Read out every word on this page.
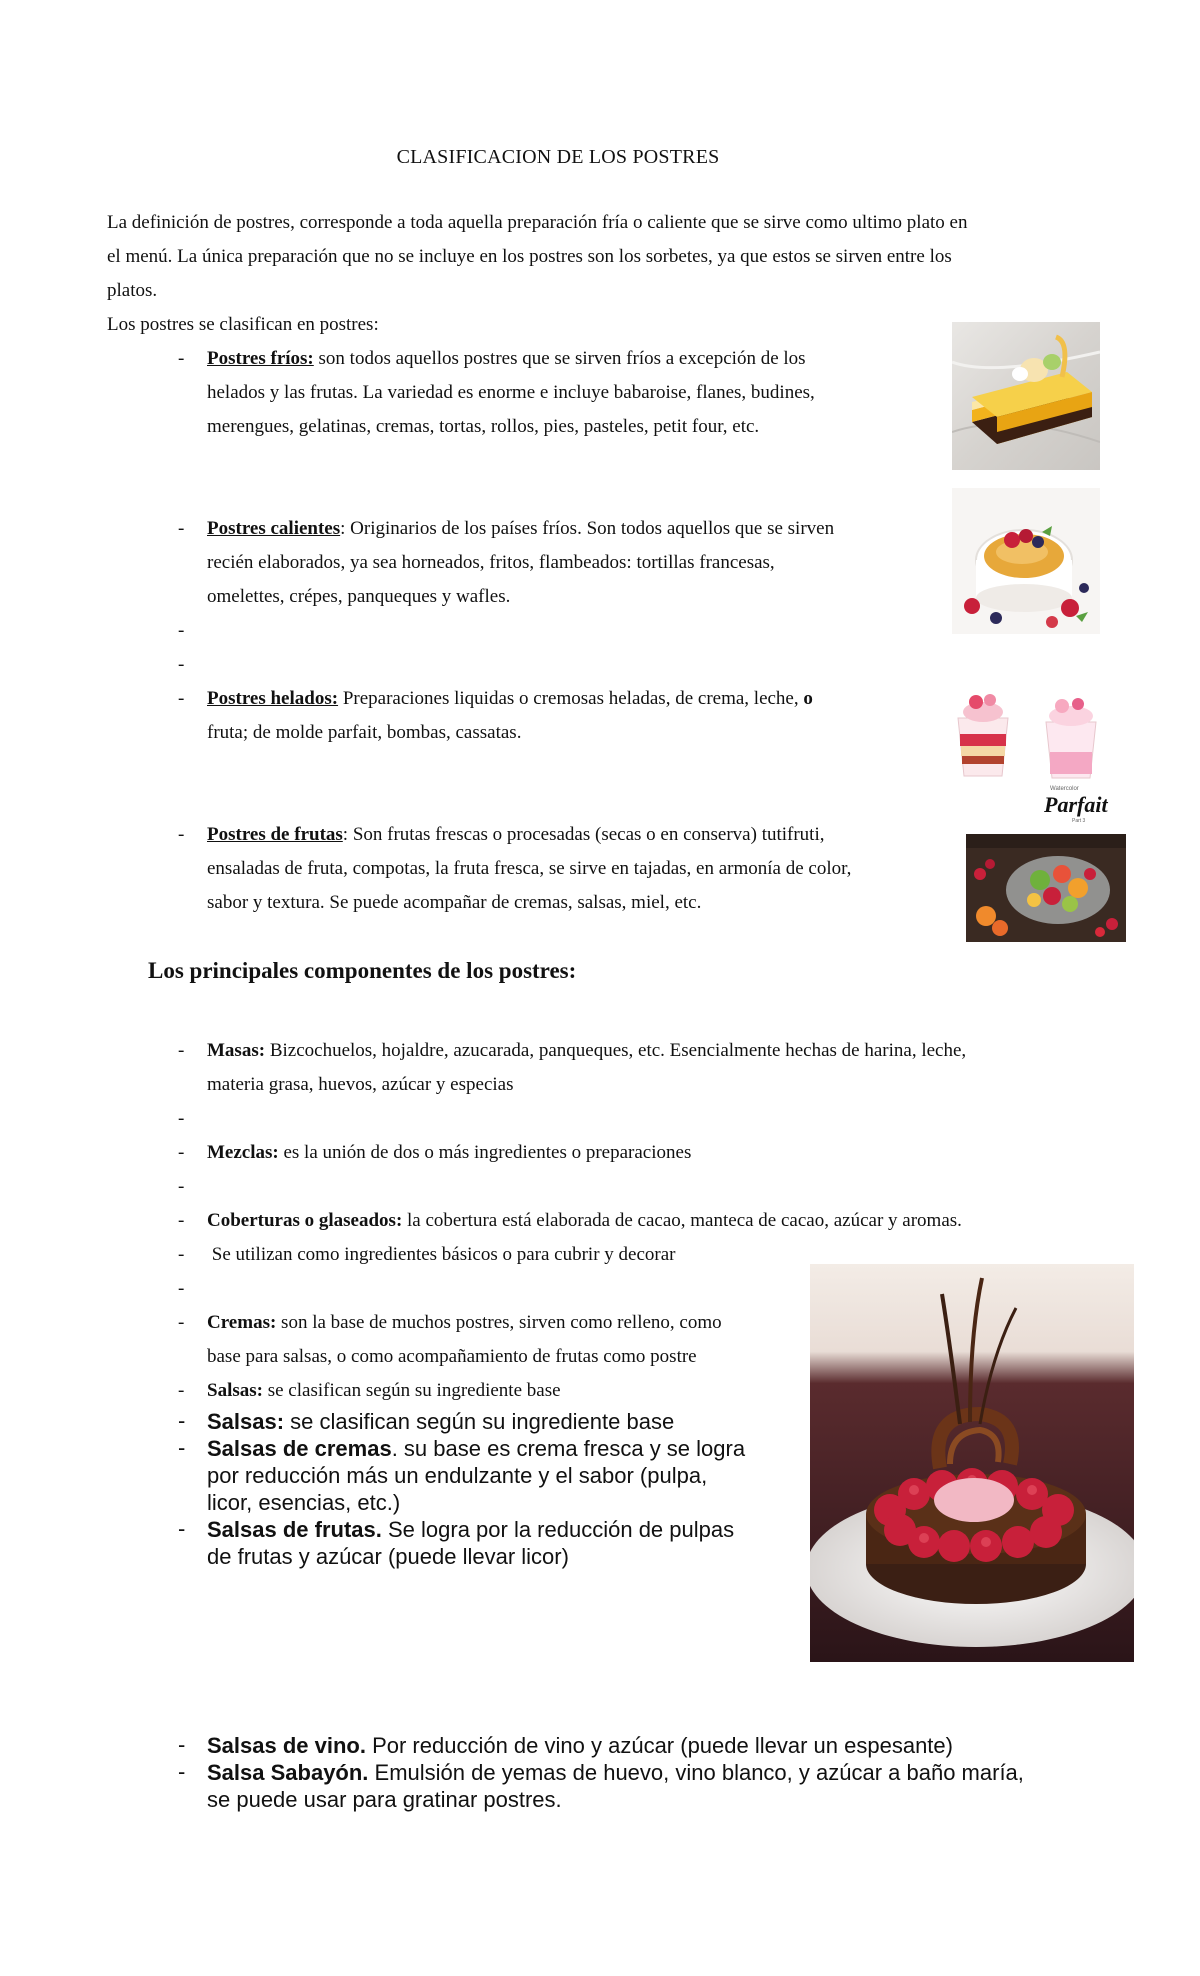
CLASIFICACION DE LOS POSTRES
La definición de postres, corresponde a toda aquella preparación fría o caliente que se sirve como ultimo plato en
el menú. La única preparación que no se incluye en los postres son los sorbetes, ya que estos se sirven entre los
platos.
Los postres se clasifican en postres:
- Postres fríos: son todos aquellos postres que se sirven fríos a excepción de los
helados y las frutas. La variedad es enorme e incluye babaroise, flanes, budines,
merengues, gelatinas, cremas, tortas, rollos, pies, pasteles, petit four, etc.
- Postres calientes: Originarios de los países fríos. Son todos aquellos que se sirven
recién elaborados, ya sea horneados, fritos, flambeados: tortillas francesas,
omelettes, crépes, panqueques y wafles.
-
-
- Postres helados: Preparaciones liquidas o cremosas heladas, de crema, leche, o
fruta; de molde parfait, bombas, cassatas.
- Postres de frutas: Son frutas frescas o procesadas (secas o en conserva) tutifruti,
ensaladas de fruta, compotas, la fruta fresca, se sirve en tajadas, en armonía de color,
sabor y textura. Se puede acompañar de cremas, salsas, miel, etc.
Los principales componentes de los postres:
- Masas: Bizcochuelos, hojaldre, azucarada, panqueques, etc. Esencialmente hechas de harina, leche,
materia grasa, huevos, azúcar y especias
-
- Mezclas: es la unión de dos o más ingredientes o preparaciones
-
- Coberturas o glaseados: la cobertura está elaborada de cacao, manteca de cacao, azúcar y aromas.
- Se utilizan como ingredientes básicos o para cubrir y decorar
-
- Cremas: son la base de muchos postres, sirven como relleno, como
base para salsas, o como acompañamiento de frutas como postre
- Salsas: se clasifican según su ingrediente base
- Salsas: se clasifican según su ingrediente base
- Salsas de cremas. su base es crema fresca y se logra
por reducción más un endulzante y el sabor (pulpa,
licor, esencias, etc.)
- Salsas de frutas. Se logra por la reducción de pulpas
de frutas y azúcar (puede llevar licor)
- Salsas de vino. Por reducción de vino y azúcar (puede llevar un espesante)
- Salsa Sabayón. Emulsión de yemas de huevo, vino blanco, y azúcar a baño maría,
se puede usar para gratinar postres.
Watercolor
Parfait
Part 3
